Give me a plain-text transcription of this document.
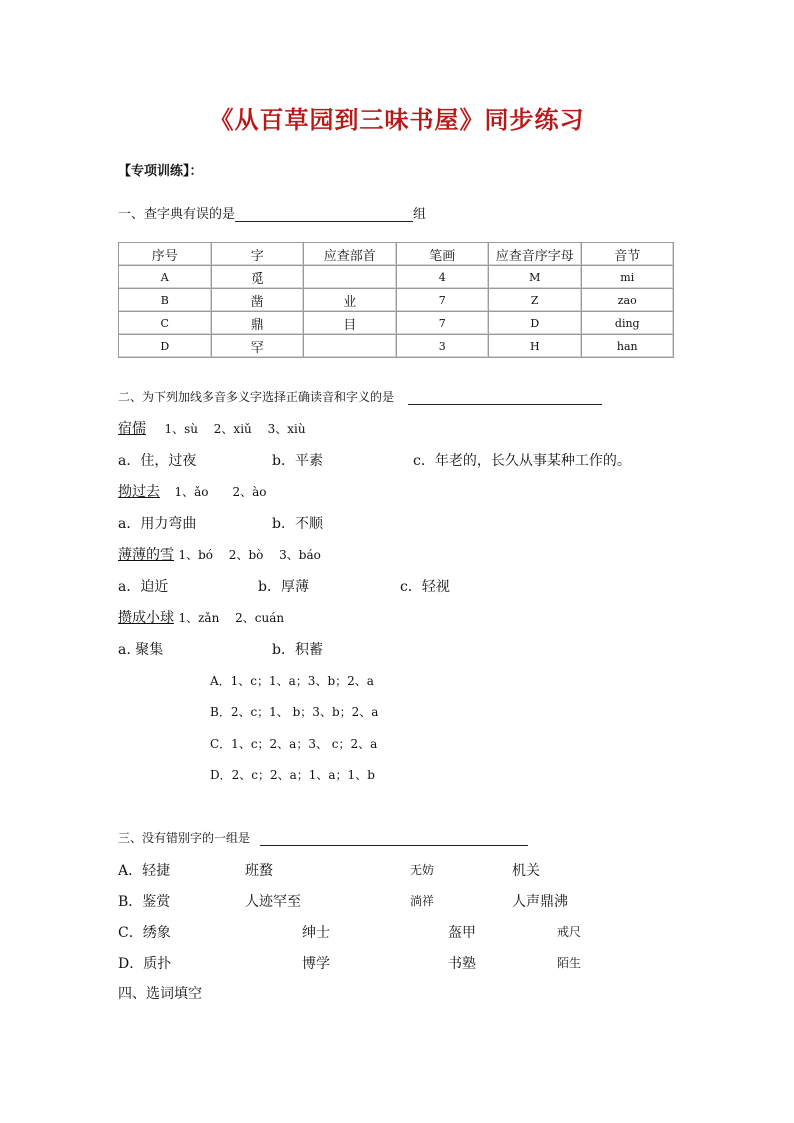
《从百草园到三味书屋》同步练习
【专项训练】：
一、查字典有误的是	组
序号	字	应查部首	笔画	应查音序字母	音节
A	觅		4	M	mi
B	凿	业	7	Z	zao
C	鼎	目	7	D	ding
D	罕		3	H	han
二、为下列加线多音多义字选择正确读音和字义的是
宿儒 1、sù　 2、xiǔ　 3、xiù
a．住，过夜	b．平素	c．年老的，长久从事某种工作的。
拗过去 1、ǎo　　2、ào
a．用力弯曲	b．不顺
薄薄的雪 1、bó　 2、bò　 3、báo
a．迫近	b．厚薄	c．轻视
攒成小球 1、zǎn　 2、cuán
a. 聚集	b．积蓄
A．1、c；1、a；3、b；2、a
B．2、c；1、 b；3、b；2、a
C．1、c；2、a；3、 c；2、a
D．2、c；2、a；1、a；1、b
三、没有错别字的一组是
A．轻捷	班蝥	无妨	机关
B．鉴赏	人迹罕至	淌祥	人声鼎沸
C．绣象	绅士	盔甲	戒尺
D．质扑	博学	书塾	陌生
四、选词填空
